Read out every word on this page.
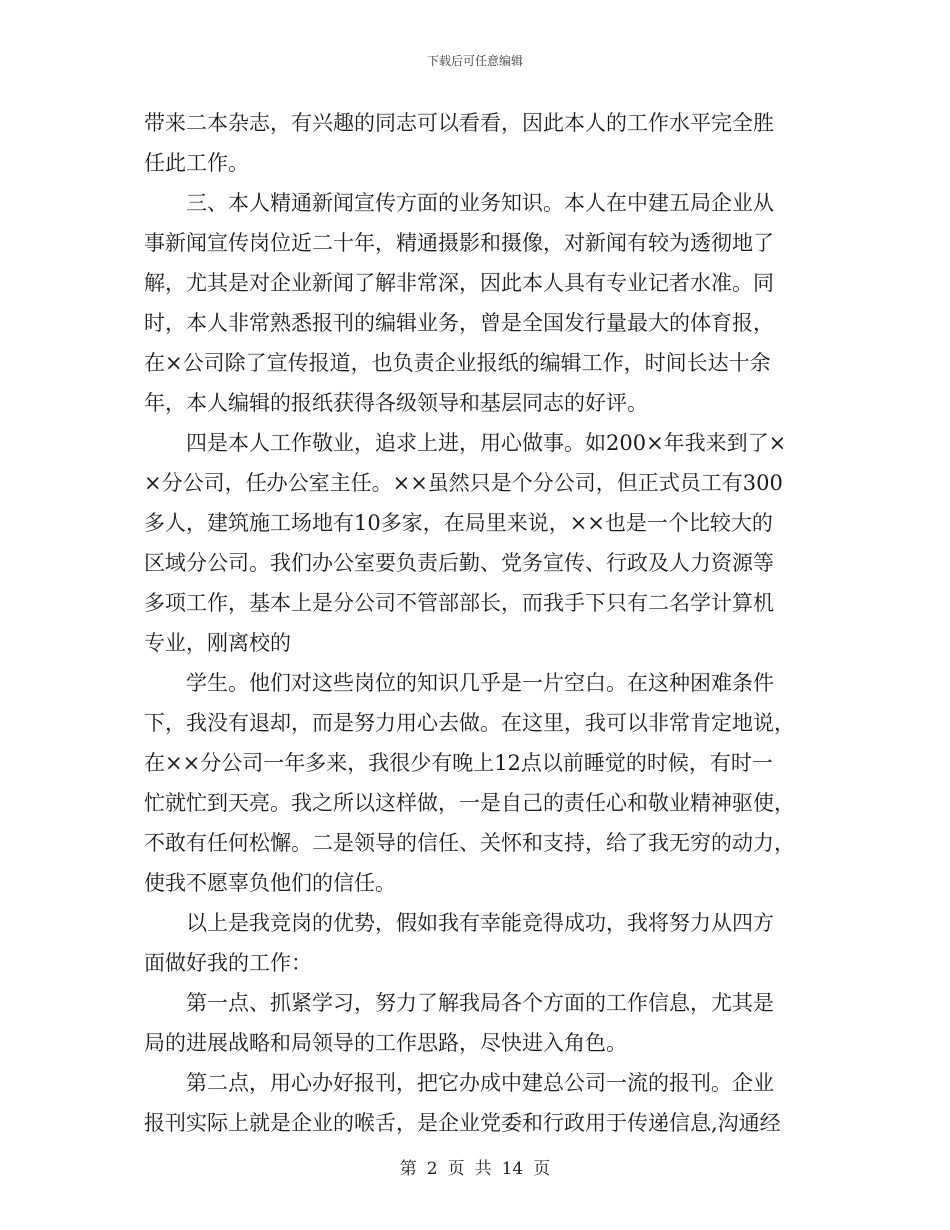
下载后可任意编辑
带来二本杂志，有兴趣的同志可以看看，因此本人的工作水平完全胜
任此工作。
三、本人精通新闻宣传方面的业务知识。本人在中建五局企业从
事新闻宣传岗位近二十年，精通摄影和摄像，对新闻有较为透彻地了
解，尤其是对企业新闻了解非常深，因此本人具有专业记者水准。同
时，本人非常熟悉报刊的编辑业务，曾是全国发行量最大的体育报，
在×公司除了宣传报道，也负责企业报纸的编辑工作，时间长达十余
年，本人编辑的报纸获得各级领导和基层同志的好评。
四是本人工作敬业，追求上进，用心做事。如200×年我来到了×
×分公司，任办公室主任。××虽然只是个分公司，但正式员工有300
多人，建筑施工场地有10多家，在局里来说，××也是一个比较大的
区域分公司。我们办公室要负责后勤、党务宣传、行政及人力资源等
多项工作，基本上是分公司不管部部长，而我手下只有二名学计算机
专业，刚离校的
学生。他们对这些岗位的知识几乎是一片空白。在这种困难条件
下，我没有退却，而是努力用心去做。在这里，我可以非常肯定地说，
在××分公司一年多来，我很少有晚上12点以前睡觉的时候，有时一
忙就忙到天亮。我之所以这样做，一是自己的责任心和敬业精神驱使，
不敢有任何松懈。二是领导的信任、关怀和支持，给了我无穷的动力，
使我不愿辜负他们的信任。
以上是我竞岗的优势，假如我有幸能竞得成功，我将努力从四方
面做好我的工作：
第一点、抓紧学习，努力了解我局各个方面的工作信息，尤其是
局的进展战略和局领导的工作思路，尽快进入角色。
第二点，用心办好报刊，把它办成中建总公司一流的报刊。企业
报刊实际上就是企业的喉舌，是企业党委和行政用于传递信息,沟通经
第 2 页 共 14 页
